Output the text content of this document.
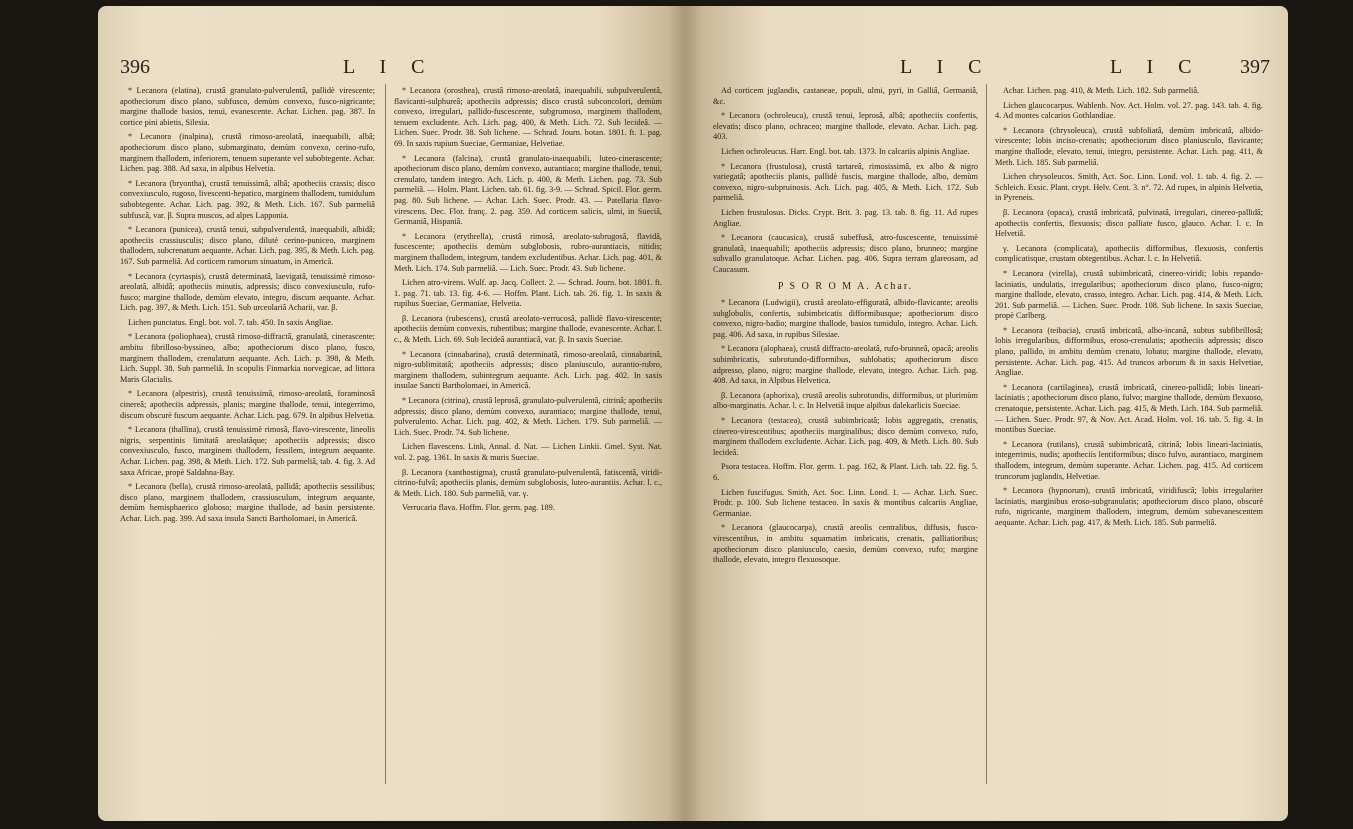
396	L I C

* Lecanora (elatina), crustâ granulato-pulverulentâ, pallidè virescente; apotheciorum disco plano, subfusco, demùm convexo, fusco-nigricante; margine thallode basios, tenui, evanescente. Achar. Lichen. pag. 387. In cortice pini abietis, Silesia.

* Lecanora (inalpina), crustâ rimoso-areolatâ, inaequabili, albâ; apotheciorum disco plano, submarginato, demùm convexo, cerino-rufo, marginem thallodem, inferiorem, tenuem superante vel subobtegente. Achar. Lichen. pag. 388. Ad saxa, in alpibus Helvetia.

* Lecanora (bryontha), crustâ tenuissimâ, albâ; apotheciis crassis; disco convexiusculo, rugoso, livescenti-hepatico, marginem thallodem, tumidulum subobtegente. Achar. Lich. pag. 392, & Meth. Lich. 167. Sub parmeliâ subfuscâ, var. β. Supra muscos, ad alpes Lapponia.

* Lecanora (punicea), crustâ tenui, subpulverulentâ, inaequabili, albidâ; apotheciis crassiusculis; disco plano, dilutè cerino-puniceo, marginem thallodem, subcrenatum aequante. Achar. Lich. pag. 395, & Meth. Lich. pag. 167. Sub parmeliâ. Ad corticem ramorum sinuatum, in Americâ.

* Lecanora (cyrtaspis), crustâ determinatâ, laevigatâ, tenuissimè rimoso-areolatâ, albidâ; apotheciis minutis, adpressis; disco convexiusculo, rufo-fusco; margine thallode, demùm elevato, integro, discum aequante. Achar. Lich. pag. 397, & Meth. Lich. 151. Sub urceolariâ Acharii, var. β.

Lichen punctatus. Engl. bot. vol. 7. tab. 450. In saxis Angliae.

* Lecanora (poliophaea), crustâ rimoso-diffractâ, granulatâ, cinerascente; ambitu fibrilloso-byssineo, albo; apotheciorum disco plano, fusco, marginem thallodem, crenulatum aequante. Ach. Lich. p. 398, & Meth. Lich. Suppl. 38. Sub parmeliâ. In scopulis Finmarkia norvegicae, ad littora Maris Glacialis.

* Lecanora (alpestris), crustâ tenuissimâ, rimoso-areolatâ, foraminosâ cinereâ; apotheciis adpressis, planis; margine thallode, tenui, integerrimo, discum obscurè fuscum aequante. Achar. Lich. pag. 679. In alpibus Helvetia.

* Lecanora (thallina), crustâ tenuissimè rimosâ, flavo-virescente, lineolis nigris, serpentinis limitatâ areolatâque; apotheciis adpressis; disco convexiusculo, fusco, marginem thallodem, fessilem, integrum aequante. Achar. Lichen. pag. 398, & Meth. Lich. 172. Sub parmeliâ, tab. 4. fig. 3. Ad saxa Africae, propè Saldahna-Bay.

* Lecanora (bella), crustâ rimoso-areolatâ, pallidâ; apotheciis sessilibus; disco plano, marginem thallodem, crassiusculum, integrum aequante, demùm hemisphaerico globoso; margine thallode, ad basin persistente. Achar. Lich. pag. 399. Ad saxa insula Sancti Bartholomaei, in Americâ.

* Lecanora (orosthea), crustâ rimoso-areolatâ, inaequabili, subpulverulentâ, flavicanti-sulphureâ; apotheciis adpressis; disco crustâ subconcolori, demùm convexo, irregulari, pallido-fuscescente, subgrumoso, marginem thallodem, tenuem excludente. Ach. Lich. pag. 400, & Meth. Lich. 72. Sub lecideâ. — Lichen. Suec. Prodr. 38. Sub lichene. — Schrad. Journ. botan. 1801. ft. 1. pag. 69. In saxis rupium Sueciae, Germaniae, Helvetiae.

* Lecanora (falcina), crustâ granulato-inaequabili, luteo-cinerascente; apotheciorum disco plano, demùm convexo, aurantiaco; margine thallode, tenui, crenulato, tandem integro. Ach. Lich. p. 400, & Meth. Lichen. pag. 73. Sub parmeliâ. — Holm. Plant. Lichen. tab. 61. fig. 3-9. — Schrad. Spicil. Flor. germ. pag. 80. Sub lichene. — Achar. Lich. Suec. Prodr. 43. — Patellaria flavo-virescens. Dec. Flor. franç. 2. pag. 359. Ad corticem salicis, ulmi, in Sueciâ, Germaniâ, Hispaniâ.

* Lecanora (erythrella), crustâ rimosâ, areolato-subrugosâ, flavidâ, fuscescente; apotheciis demùm subglobosis, rubro-aurantiacis, nitidis; marginem thallodem, integrum, tandem excludentibus. Achar. Lich. pag. 401, & Meth. Lich. 174. Sub parmeliâ. — Lich. Suec. Prodr. 43. Sub lichene.

Lichen atro-virens. Wulf. ap. Jacq. Collect. 2. — Schrad. Journ. bot. 1801. ft. 1. pag. 71. tab. 13. fig. 4-6. — Hoffm. Plant. Lich. tab. 26. fig. 1. In saxis & rupibus Sueciae, Germaniae, Helvetia.

β. Lecanora (rubescens), crustâ areolato-verrucosâ, pallidè flavo-virescente; apotheciis demùm convexis, rubentibus; margine thallode, evanescente. Achar. l. c., & Meth. Lich. 69. Sub lecideâ aurantiacâ, var. β. In saxis Sueciae.

* Lecanora (cinnabarina), crustâ determinatâ, rimoso-areolatâ, cinnabarinâ, nigro-sublimitatâ; apotheciis adpressis; disco planiusculo, aurantio-rubro, marginem thallodem, subintegrum aequante. Ach. Lich. pag. 402. In saxis insulae Sancti Bartholomaei, in Americâ.

* Lecanora (citrina), crustâ leprosâ, granulato-pulverulentâ, citrinâ; apotheciis adpressis; disco plano, demùm convexo, aurantiaco; margine thallode, tenui, pulverulento. Achar. Lich. pag. 402, & Meth. Lichen. 179. Sub parmeliâ. — Lich. Suec. Prodr. 74. Sub lichene.

Lichen flavescens. Link, Annal. d. Nat. — Lichen Linkii. Gmel. Syst. Nat. vol. 2. pag. 1361. In saxis & muris Sueciae.

β. Lecanora (xanthostigma), crustâ granulato-pulverulentâ, fatiscentâ, viridi-citrino-fulvâ; apotheciis planis, demùm subglobosis, luteo-aurantiis. Achar. l. c., & Meth. Lich. 180. Sub parmeliâ, var. γ.

Verrucaria flava. Hoffm. Flor. germ. pag. 189.

L I C	L I C 397

Ad corticem juglandis, castaneae, populi, ulmi, pyri, in Galliâ, Germaniâ, &c.

* Lecanora (ochroleuca), crustâ tenui, leprosâ, albâ; apotheciis confertis, elevatis; disco plano, ochraceo; margine thallode, elevato. Achar. Lich. pag. 403.

Lichen ochroleucus. Harr. Engl. bot. tab. 1373. In calcariis alpinis Angliae.

* Lecanora (frustulosa), crustâ tartareâ, rimosissimâ, ex albo & nigro variegatâ; apotheciis planis, pallidè fuscis, margine thallode, albo, demùm convexo, nigro-subpruinosis. Ach. Lich. pag. 405, & Meth. Lich. 172. Sub parmeliâ.

Lichen frustulosus. Dicks. Crypt. Brit. 3. pag. 13. tab. 8. fig. 11. Ad rupes Angliae.

* Lecanora (caucasica), crustâ subeffusâ, atro-fuscescente, tenuissimè granulatâ, inaequabili; apotheciis adpressis; disco plano, brunneo; margine subvallo granulatoque. Achar. Lichen. pag. 406. Supra terram glareosam, ad Caucasum.

P S O R O M A. Achar.

* Lecanora (Ludwigii), crustâ areolato-effiguratâ, albido-flavicante; areolis subglobulis, confertis, subimbricatis difformibusque; apotheciorum disco convexo, nigro-badio; margine thallode, basios tumidulo, integro. Achar. Lich. pag. 406. Ad saxa, in rupibus Silesiae.

* Lecanora (alophaea), crustâ diffracto-areolatâ, rufo-brunneâ, opacâ; areolis subimbricatis, subrotundo-difformibus, sublobatis; apotheciorum disco adpresso, plano, nigro; margine thallode, elevato, integro. Achar. Lich. pag. 408. Ad saxa, in Alpibus Helvetica.

β. Lecanora (aphorixa), crustâ areolis subrotundis, difformibus, ut plurimùm albo-marginatis. Achar. l. c. In Helvetiâ inque alpibus dalekarlicis Sueciae.

* Lecanora (testacea), crustâ subimbricatâ; lobis aggregatis, crenatis, cinereo-virescentibus; apotheciis marginalibus; disco demùm convexo, rufo, marginem thallodem excludente. Achar. Lich. pag. 409, & Meth. Lich. 80. Sub lecideâ.

Psora testacea. Hoffm. Flor. germ. 1. pag. 162, & Plant. Lich. tab. 22. fig. 5. 6.

Lichen fuscifugus. Smith, Act. Soc. Linn. Lond. 1. — Achar. Lich. Suec. Prodr. p. 100. Sub lichene testaceo. In saxis & montibus calcariis Angliae, Germaniae.

* Lecanora (glaucocarpa), crustâ areolis centralibus, diffusis, fusco-virescentibus, in ambitu squamatim imbricatis, crenatis, palliatioribus; apotheciorum disco planiusculo, caesio, demùm convexo, rufo; margine thallode, elevato, integro flexuosoque.

Achar. Lichen. pag. 410, & Meth. Lich. 182. Sub parmeliâ.

Lichen glaucocarpus. Wahlenb. Nov. Act. Holm. vol. 27. pag. 143. tab. 4. fig. 4. Ad montes calcarios Gothlandiae.

* Lecanora (chrysoleuca), crustâ subfoliatâ, demùm imbricatâ, albido-virescente; lobis inciso-crenatis; apotheciorum disco planiusculo, flavicante; margine thallode, elevato, tenui, integro, persistente. Achar. Lich. pag. 411, & Meth. Lich. 185. Sub parmeliâ.

Lichen chrysoleucos. Smith, Act. Soc. Linn. Lond. vol. 1. tab. 4. fig. 2. — Schleich. Exsic. Plant. crypt. Helv. Cent. 3. n°. 72. Ad rupes, in alpinis Helvetia, in Pyreneis.

β. Lecanora (opaca), crustâ imbricatâ, pulvinatâ, irregulari, cinereo-pallidâ; apotheciis confertis, flexuosis; disco palliate fusco, glauco. Achar. l. c. In Helvetiâ.

γ. Lecanora (complicata), apotheciis difformibus, flexuosis, confertis complicatisque, crustam obtegentibus. Achar. l. c. In Helvetiâ.

* Lecanora (virella), crustâ subimbricatâ, cinereo-viridi; lobis repando-laciniatis, undulatis, irregularibus; apotheciorum disco plano, fusco-nigro; margine thallode, elevato, crasso, integro. Achar. Lich. pag. 414, & Meth. Lich. 201. Sub parmeliâ. — Lichen. Suec. Prodr. 108. Sub lichene. In saxis Sueciae, propè Carlberg.

* Lecanora (teibacia), crustâ imbricatâ, albo-incanâ, subtus subfibrillosâ; lobis irregularibus, difformibus, eroso-crenulatis; apotheciis adpressis; disco plano, pallido, in ambitu demùm crenato, lobato; margine thallode, elevato, persistente. Achar. Lich. pag. 415. Ad truncos arborum & in saxis Helvetiae, Angliae.

* Lecanora (cartilaginea), crustâ imbricatâ, cinereo-pallidâ; lobis lineari-laciniatis ; apotheciorum disco plano, fulvo; margine thallode, demùm flexuoso, crenatoque, persistente. Achar. Lich. pag. 415, & Meth. Lich. 184. Sub parmeliâ. — Lichen. Suec. Prodr. 97, & Nov. Act. Acad. Holm. vol. 16. tab. 5. fig. 4. In montibus Sueciae.

* Lecanora (rutilans), crustâ subimbricatâ, citrinâ; lobis lineari-laciniatis, integerrimis, nudis; apotheciis lentiformibus; disco fulvo, aurantiaco, marginem thallodem, integrum, demùm superante. Achar. Lichen. pag. 415. Ad corticem truncorum juglandis, Helvetiae.

* Lecanora (hypnorum), crustâ imbricatâ, viridifuscâ; lobis irregulariter laciniatis, marginibus eroso-subgranulatis; apotheciorum disco plano, obscurè rufo, nigricante, marginem thallodem, integrum, demùm subevanescentem aequante. Achar. Lich. pag. 417, & Meth. Lich. 185. Sub parmeliâ.
